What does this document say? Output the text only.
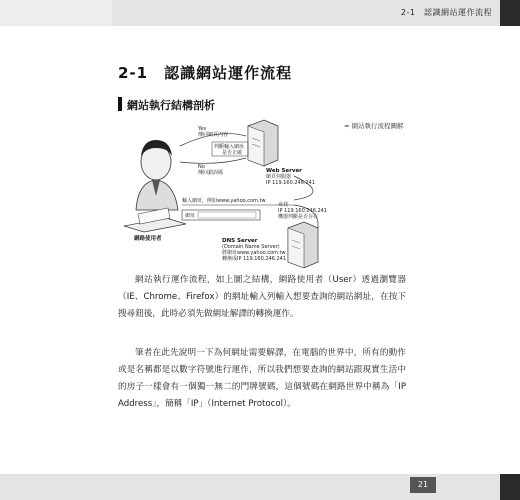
2-1　認識網站運作流程
2-1　 認識網站運作流程
網站執行結構剖析
≈ 網站執行流程圖解
網路使用者
Web Server
網頁伺服器
IP 119.160.246.241
Yes
傳回網頁內容
判斷輸入網址
是否正確
No
傳回錯誤碼
輸入網址，例如www.yahoo.com.tw
網址
尋找
IP 119.160.246.241
機器判斷是否存在
DNS Server
(Domain Name Server)
將網址www.yahoo.com.tw
轉換成IP 119.160.246.241

網站執行運作流程，如上圖之結構，網路使用者（User）透過瀏覽器（IE、Chrome、Firefox）的網址輸入列輸入想要查詢的網站網址，在按下搜尋鈕後，此時必須先做網址解譯的轉換運作。

筆者在此先說明一下為何網址需要解譯，在電腦的世界中，所有的動作或是名稱都是以數字符號進行運作，所以我們想要查詢的網站跟現實生活中的房子一樣會有一個獨一無二的門牌號碼，這個號碼在網路世界中稱為「IP Address」，簡稱「IP」（Internet Protocol）。

21
